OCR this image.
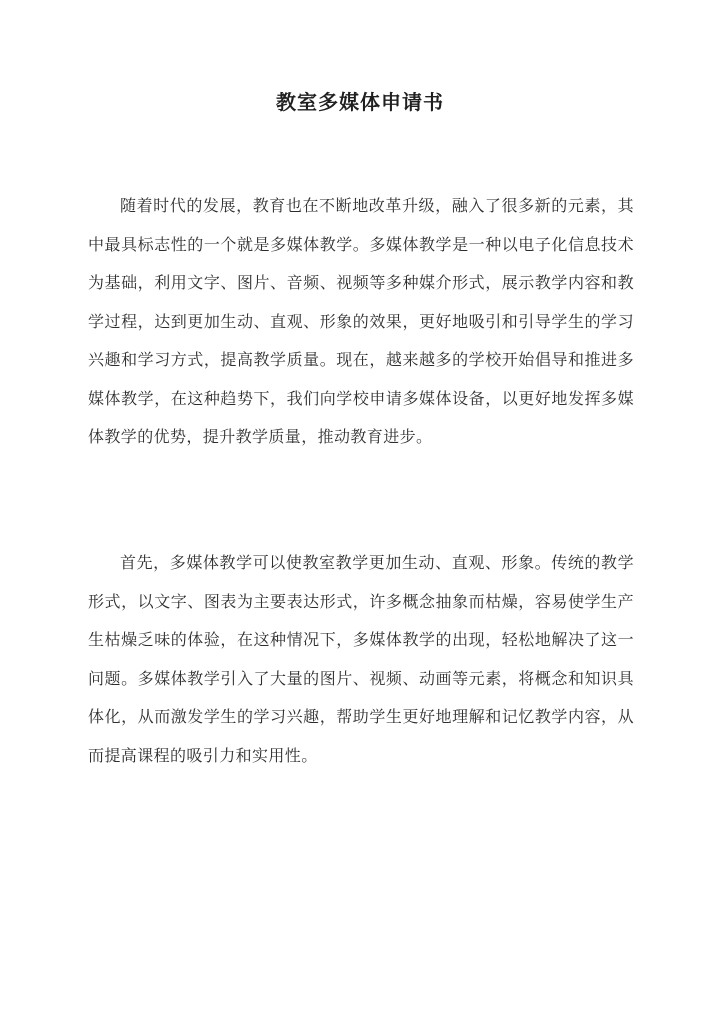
教室多媒体申请书

随着时代的发展，教育也在不断地改革升级，融入了很多新的元素，其中最具标志性的一个就是多媒体教学。多媒体教学是一种以电子化信息技术为基础，利用文字、图片、音频、视频等多种媒介形式，展示教学内容和教学过程，达到更加生动、直观、形象的效果，更好地吸引和引导学生的学习兴趣和学习方式，提高教学质量。现在，越来越多的学校开始倡导和推进多媒体教学，在这种趋势下，我们向学校申请多媒体设备，以更好地发挥多媒体教学的优势，提升教学质量，推动教育进步。

首先，多媒体教学可以使教室教学更加生动、直观、形象。传统的教学形式，以文字、图表为主要表达形式，许多概念抽象而枯燥，容易使学生产生枯燥乏味的体验，在这种情况下，多媒体教学的出现，轻松地解决了这一问题。多媒体教学引入了大量的图片、视频、动画等元素，将概念和知识具体化，从而激发学生的学习兴趣，帮助学生更好地理解和记忆教学内容，从而提高课程的吸引力和实用性。
